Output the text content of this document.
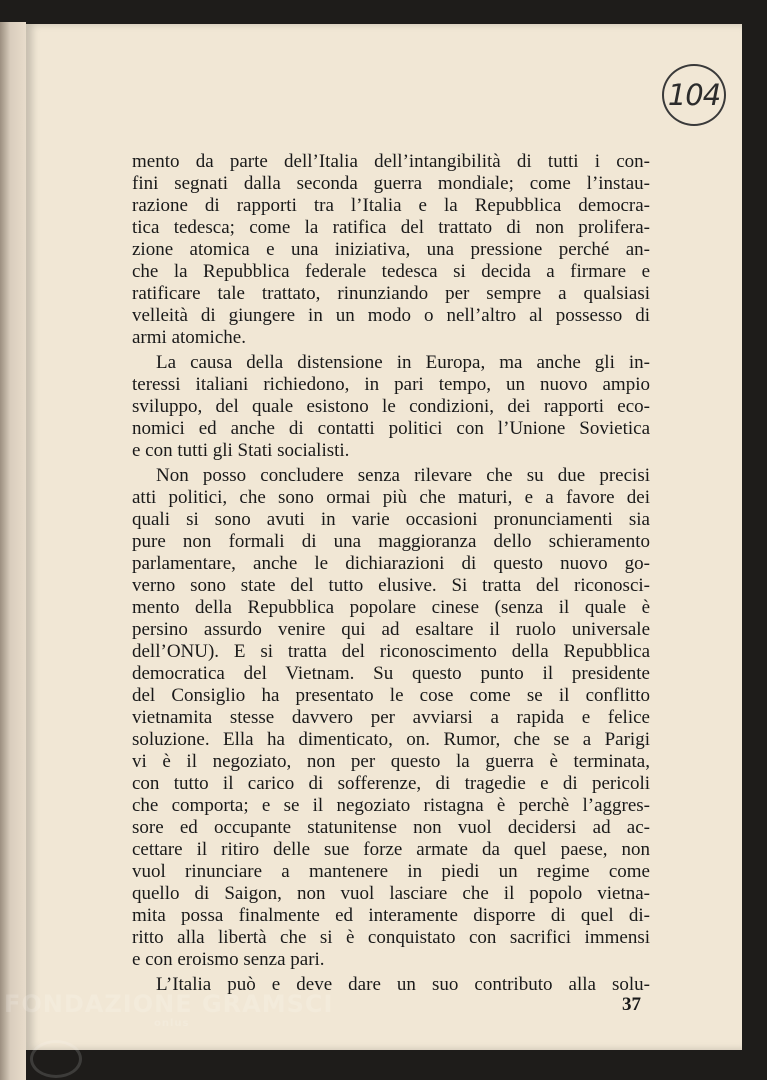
104
mento da parte dell’Italia dell’intangibilità di tutti i con-
fini segnati dalla seconda guerra mondiale; come l’instau-
razione di rapporti tra l’Italia e la Repubblica democra-
tica tedesca; come la ratifica del trattato di non prolifera-
zione atomica e una iniziativa, una pressione perché an-
che la Repubblica federale tedesca si decida a firmare e
ratificare tale trattato, rinunziando per sempre a qualsiasi
velleità di giungere in un modo o nell’altro al possesso di
armi atomiche.
La causa della distensione in Europa, ma anche gli in-
teressi italiani richiedono, in pari tempo, un nuovo ampio
sviluppo, del quale esistono le condizioni, dei rapporti eco-
nomici ed anche di contatti politici con l’Unione Sovietica
e con tutti gli Stati socialisti.
Non posso concludere senza rilevare che su due precisi
atti politici, che sono ormai più che maturi, e a favore dei
quali si sono avuti in varie occasioni pronunciamenti sia
pure non formali di una maggioranza dello schieramento
parlamentare, anche le dichiarazioni di questo nuovo go-
verno sono state del tutto elusive. Si tratta del riconosci-
mento della Repubblica popolare cinese (senza il quale è
persino assurdo venire qui ad esaltare il ruolo universale
dell’ONU). E si tratta del riconoscimento della Repubblica
democratica del Vietnam. Su questo punto il presidente
del Consiglio ha presentato le cose come se il conflitto
vietnamita stesse davvero per avviarsi a rapida e felice
soluzione. Ella ha dimenticato, on. Rumor, che se a Parigi
vi è il negoziato, non per questo la guerra è terminata,
con tutto il carico di sofferenze, di tragedie e di pericoli
che comporta; e se il negoziato ristagna è perchè l’aggres-
sore ed occupante statunitense non vuol decidersi ad ac-
cettare il ritiro delle sue forze armate da quel paese, non
vuol rinunciare a mantenere in piedi un regime come
quello di Saigon, non vuol lasciare che il popolo vietna-
mita possa finalmente ed interamente disporre di quel di-
ritto alla libertà che si è conquistato con sacrifici immensi
e con eroismo senza pari.
L’Italia può e deve dare un suo contributo alla solu-
37
FONDAZIONE GRAMSCI
onlus
